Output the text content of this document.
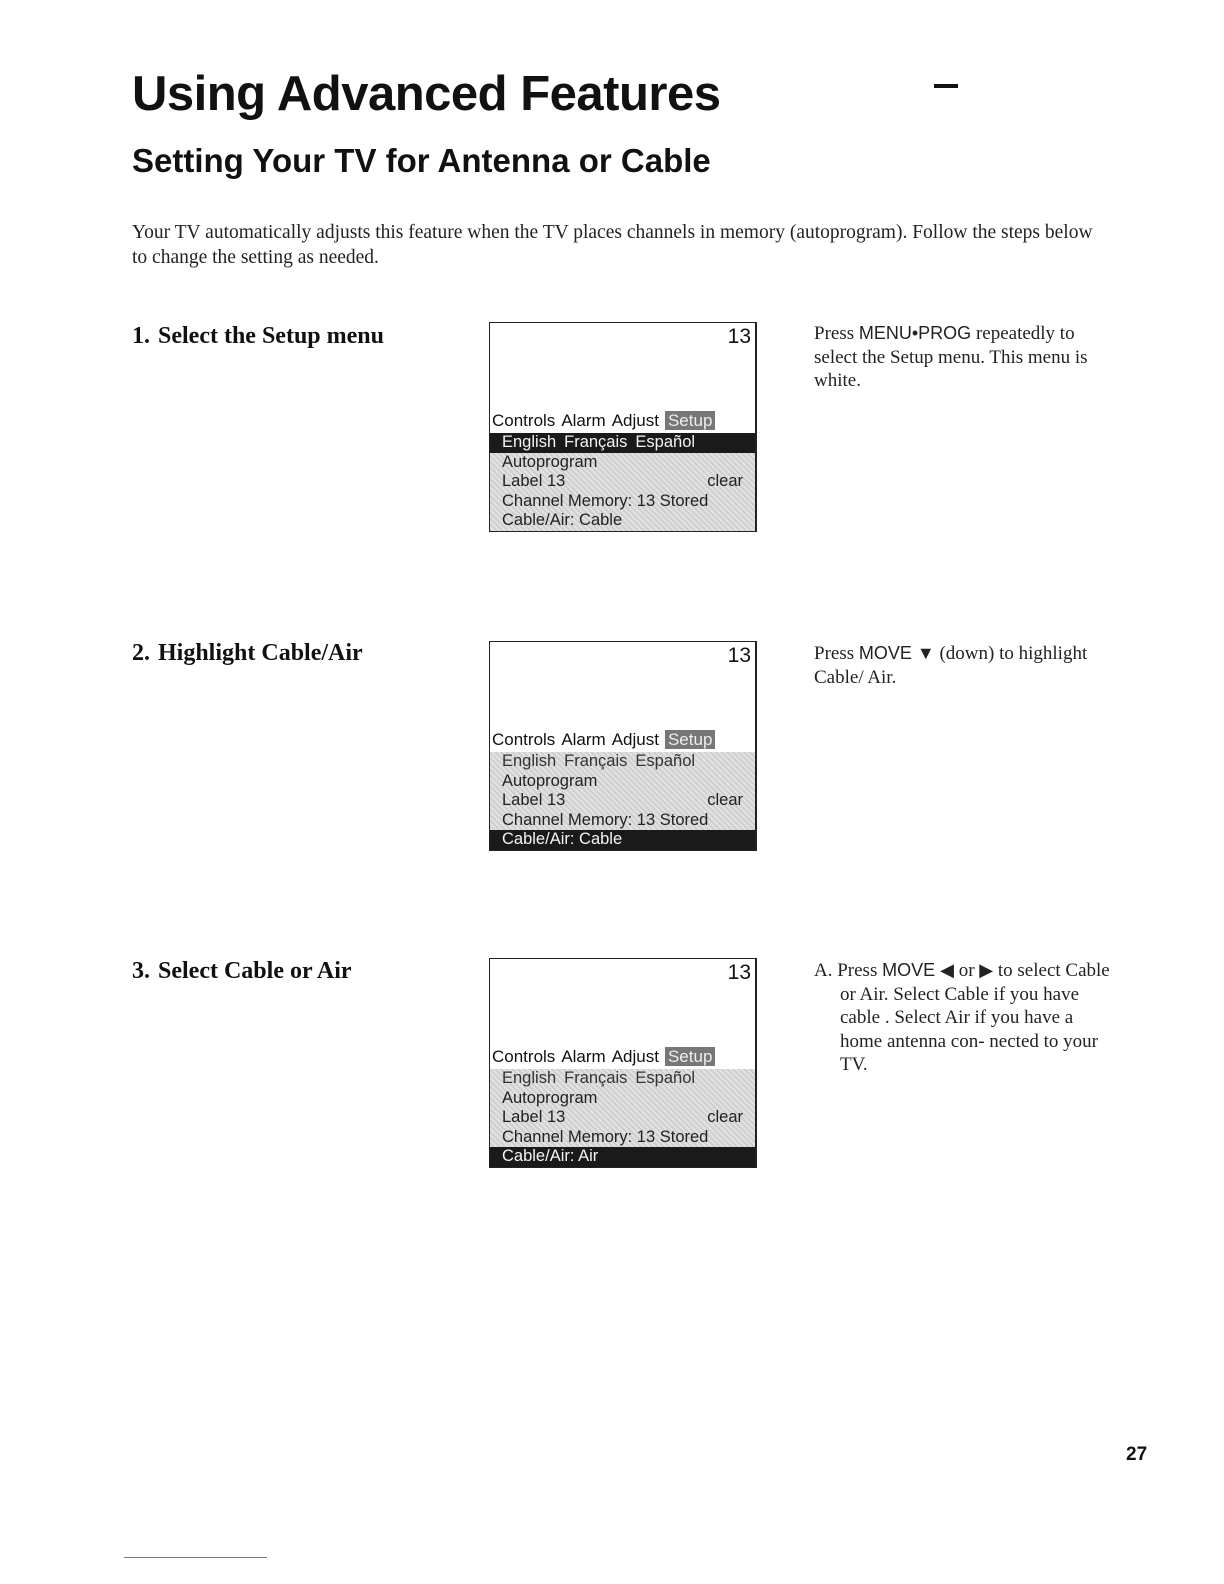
Using Advanced Features
Setting Your TV for Antenna or Cable

Your TV automatically adjusts this feature when the TV places channels in memory (autoprogram). Follow the steps below to change the setting as needed.

1. Select the Setup menu	13
Controls Alarm Adjust Setup
English Français Español
Autoprogram
Label 13	clear
Channel Memory: 13 Stored
Cable/Air: Cable

Press MENU•PROG repeatedly to select the Setup menu. This menu is white.

2. Highlight Cable/Air	13
Controls Alarm Adjust Setup
English Français Español
Autoprogram
Label 13	clear
Channel Memory: 13 Stored
Cable/Air: Cable

Press MOVE ▼ (down) to highlight Cable/ Air.

3. Select Cable or Air	13
Controls Alarm Adjust Setup
English Français Español
Autoprogram
Label 13	clear
Channel Memory: 13 Stored
Cable/Air: Air

A. Press MOVE ◀ or ▶ to select Cable or Air. Select Cable if you have cable . Select Air if you have a home antenna con- nected to your TV.

27
